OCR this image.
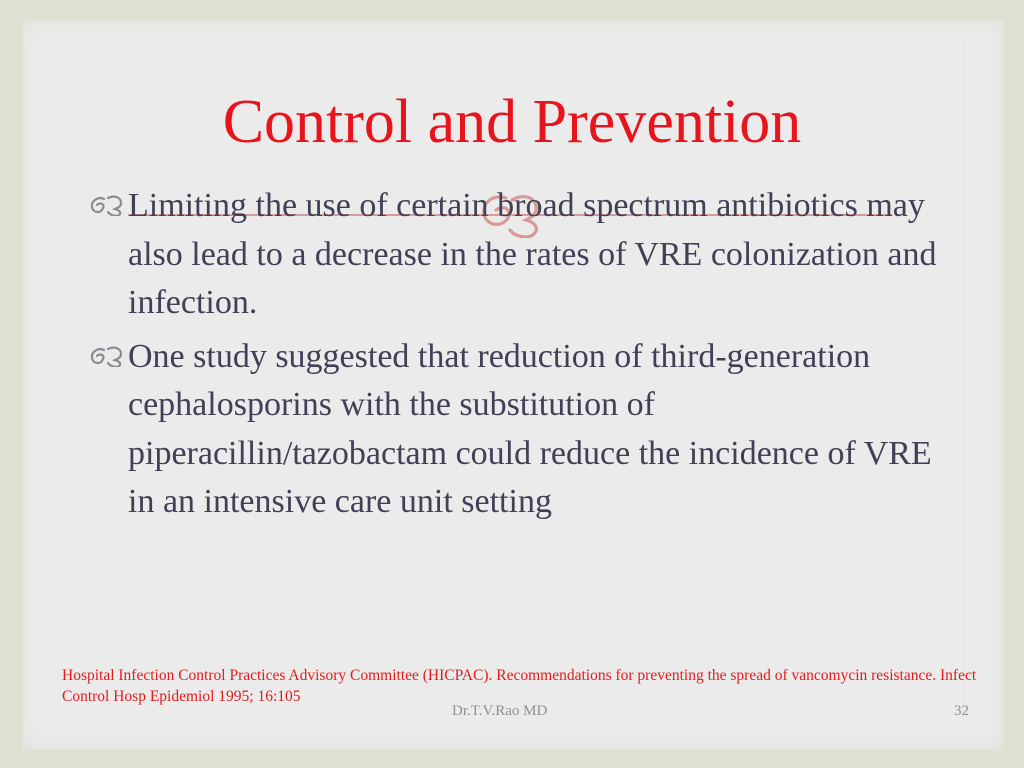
Control and Prevention
Limiting the use of certain broad spectrum antibiotics may also lead to a decrease in the rates of VRE colonization and infection.
One study suggested that reduction of third-generation cephalosporins with the substitution of piperacillin/tazobactam could reduce the incidence of VRE in an intensive care unit setting
Hospital Infection Control Practices Advisory Committee (HICPAC). Recommendations for preventing the spread of vancomycin resistance. Infect Control Hosp Epidemiol 1995; 16:105
Dr.T.V.Rao MD	32
